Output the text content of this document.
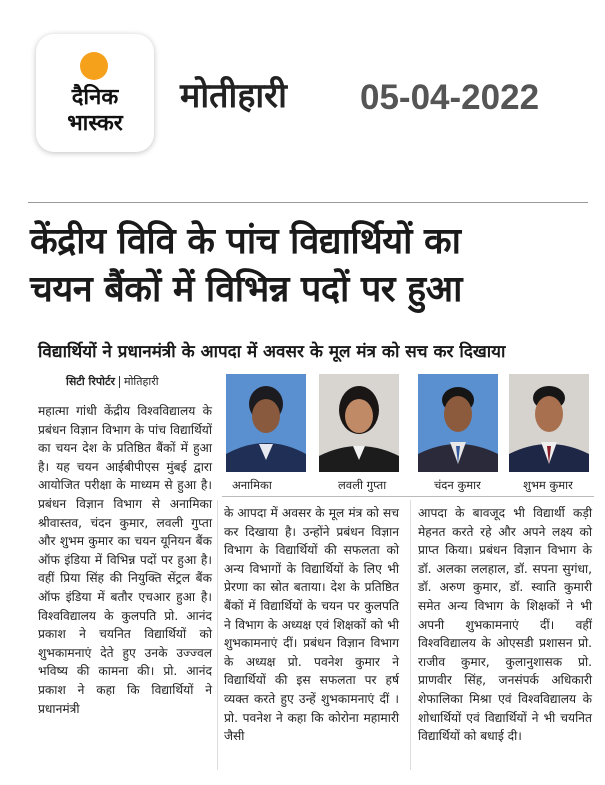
दैनिक
भास्कर
मोतीहारी 05-04-2022
केंद्रीय विवि के पांच विद्यार्थियों का
चयन बैंकों में विभिन्न पदों पर हुआ
विद्यार्थियों ने प्रधानमंत्री के आपदा में अवसर के मूल मंत्र को सच कर दिखाया
सिटी रिपोर्टर मोतिहारी
अनामिका	लवली गुप्ता	चंदन कुमार	शुभम कुमार
महात्मा गांधी केंद्रीय विश्वविद्यालय के प्रबंधन विज्ञान विभाग के पांच विद्यार्थियों का चयन देश के प्रतिष्ठित बैंकों में हुआ है। यह चयन आईबीपीएस मुंबई द्वारा आयोजित परीक्षा के माध्यम से हुआ है। प्रबंधन विज्ञान विभाग से अनामिका श्रीवास्तव, चंदन कुमार, लवली गुप्ता और शुभम कुमार का चयन यूनियन बैंक ऑफ इंडिया में विभिन्न पदों पर हुआ है। वहीं प्रिया सिंह की नियुक्ति सेंट्रल बैंक ऑफ इंडिया में बतौर एचआर हुआ है। विश्वविद्यालय के कुलपति प्रो. आनंद प्रकाश ने चयनित विद्यार्थियों को शुभकामनाएं देते हुए उनके उज्ज्वल भविष्य की कामना की। प्रो. आनंद प्रकाश ने कहा कि विद्यार्थियों ने प्रधानमंत्री
के आपदा में अवसर के मूल मंत्र को सच कर दिखाया है। उन्होंने प्रबंधन विज्ञान विभाग के विद्यार्थियों की सफलता को अन्य विभागों के विद्यार्थियों के लिए भी प्रेरणा का स्रोत बताया। देश के प्रतिष्ठित बैंकों में विद्यार्थियों के चयन पर कुलपति ने विभाग के अध्यक्ष एवं शिक्षकों को भी शुभकामनाएं दीं। प्रबंधन विज्ञान विभाग के अध्यक्ष प्रो. पवनेश कुमार ने विद्यार्थियों की इस सफलता पर हर्ष व्यक्त करते हुए उन्हें शुभकामनाएं दीं । प्रो. पवनेश ने कहा कि कोरोना महामारी जैसी
आपदा के बावजूद भी विद्यार्थी कड़ी मेहनत करते रहे और अपने लक्ष्य को प्राप्त किया। प्रबंधन विज्ञान विभाग के डॉ. अलका ललहाल, डॉ. सपना सुगंधा, डॉ. अरुण कुमार, डॉ. स्वाति कुमारी समेत अन्य विभाग के शिक्षकों ने भी अपनी शुभकामनाएं दीं। वहीं विश्वविद्यालय के ओएसडी प्रशासन प्रो. राजीव कुमार, कुलानुशासक प्रो. प्राणवीर सिंह, जनसंपर्क अधिकारी शेफालिका मिश्रा एवं विश्वविद्यालय के शोधार्थियों एवं विद्यार्थियों ने भी चयनित विद्यार्थियों को बधाई दी।
